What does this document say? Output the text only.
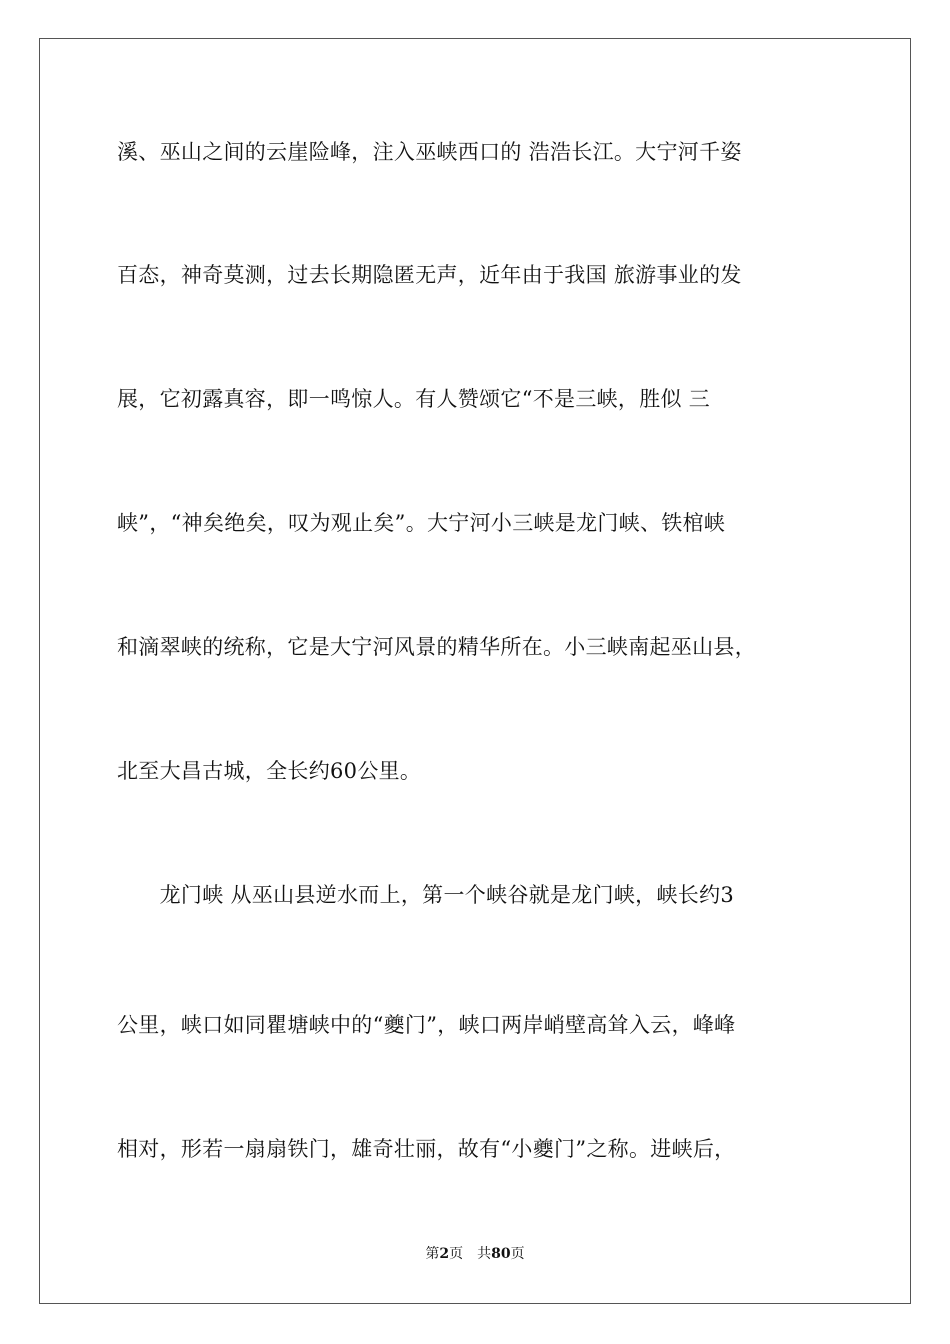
溪、巫山之间的云崖险峰，注入巫峡西口的 浩浩长江。大宁河千姿
百态，神奇莫测，过去长期隐匿无声，近年由于我国 旅游事业的发
展，它初露真容，即一鸣惊人。有人赞颂它“不是三峡，胜似 三
峡”，“神矣绝矣，叹为观止矣”。大宁河小三峡是龙门峡、铁棺峡
和滴翠峡的统称，它是大宁河风景的精华所在。小三峡南起巫山县，
北至大昌古城，全长约60公里。
　　龙门峡 从巫山县逆水而上，第一个峡谷就是龙门峡，峡长约3
公里，峡口如同瞿塘峡中的“夔门”，峡口两岸峭壁高耸入云，峰峰
相对，形若一扇扇铁门，雄奇壮丽，故有“小夔门”之称。进峡后，
第2页 共80页
